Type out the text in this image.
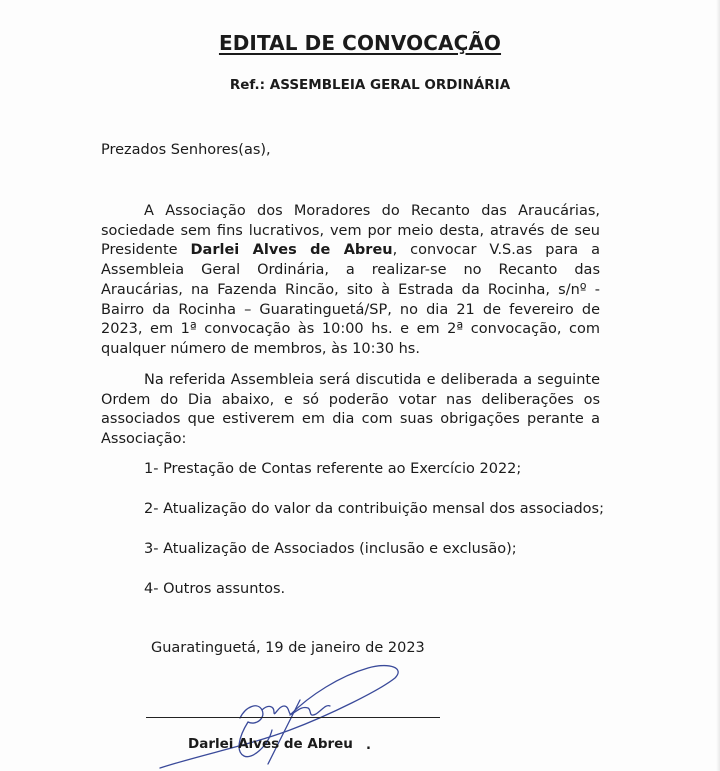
EDITAL DE CONVOCAÇÃO
Ref.: ASSEMBLEIA GERAL ORDINÁRIA
Prezados Senhores(as),
A Associação dos Moradores do Recanto das Araucárias, sociedade sem fins lucrativos, vem por meio desta, através de seu Presidente Darlei Alves de Abreu, convocar V.S.as para a Assembleia Geral Ordinária, a realizar-se no Recanto das Araucárias, na Fazenda Rincão, sito à Estrada da Rocinha, s/nº - Bairro da Rocinha – Guaratinguetá/SP, no dia 21 de fevereiro de 2023, em 1ª convocação às 10:00 hs. e em 2ª convocação, com qualquer número de membros, às 10:30 hs.
Na referida Assembleia será discutida e deliberada a seguinte Ordem do Dia abaixo, e só poderão votar nas deliberações os associados que estiverem em dia com suas obrigações perante a Associação:
1- Prestação de Contas referente ao Exercício 2022;
2- Atualização do valor da contribuição mensal dos associados;
3- Atualização de Associados (inclusão e exclusão);
4- Outros assuntos.
Guaratinguetá, 19 de janeiro de 2023
Darlei Alves de Abreu .
